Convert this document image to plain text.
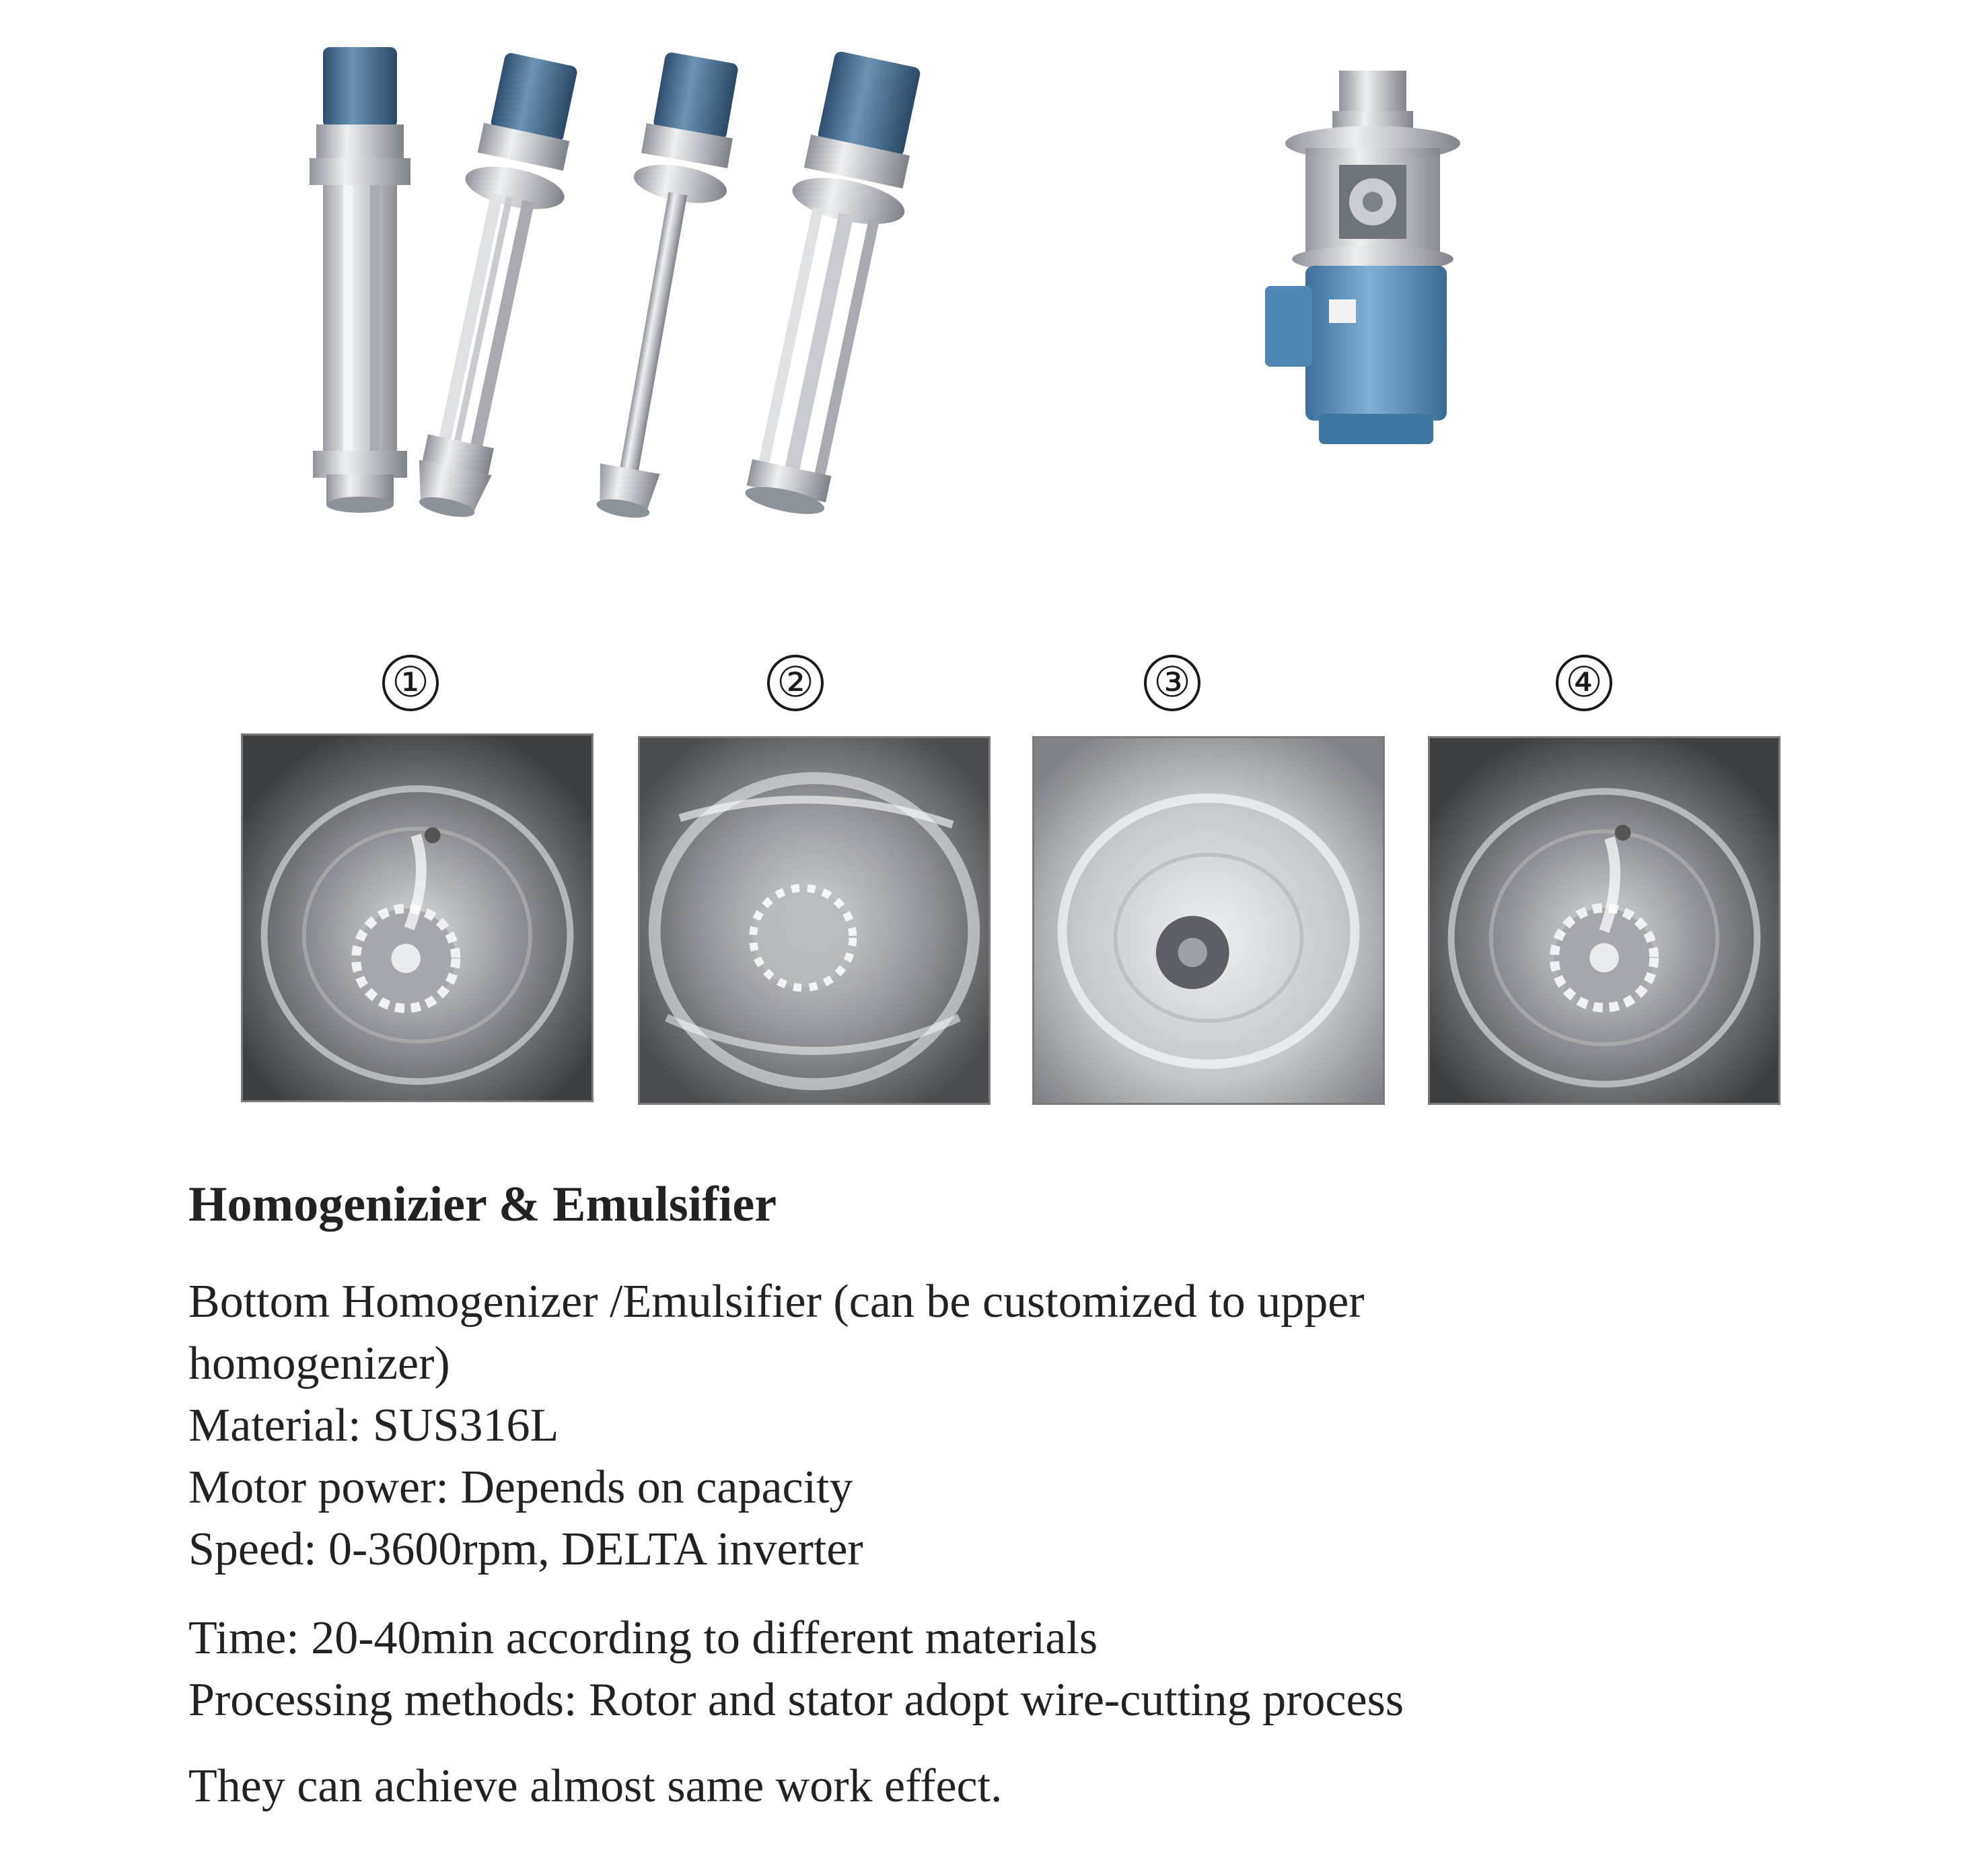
①	②	③	④
Homogenizier & Emulsifier
Bottom Homogenizer /Emulsifier (can be customized to upper
homogenizer)
Material: SUS316L
Motor power: Depends on capacity
Speed: 0-3600rpm, DELTA inverter
Time: 20-40min according to different materials
Processing methods: Rotor and stator adopt wire-cutting process
They can achieve almost same work effect.
